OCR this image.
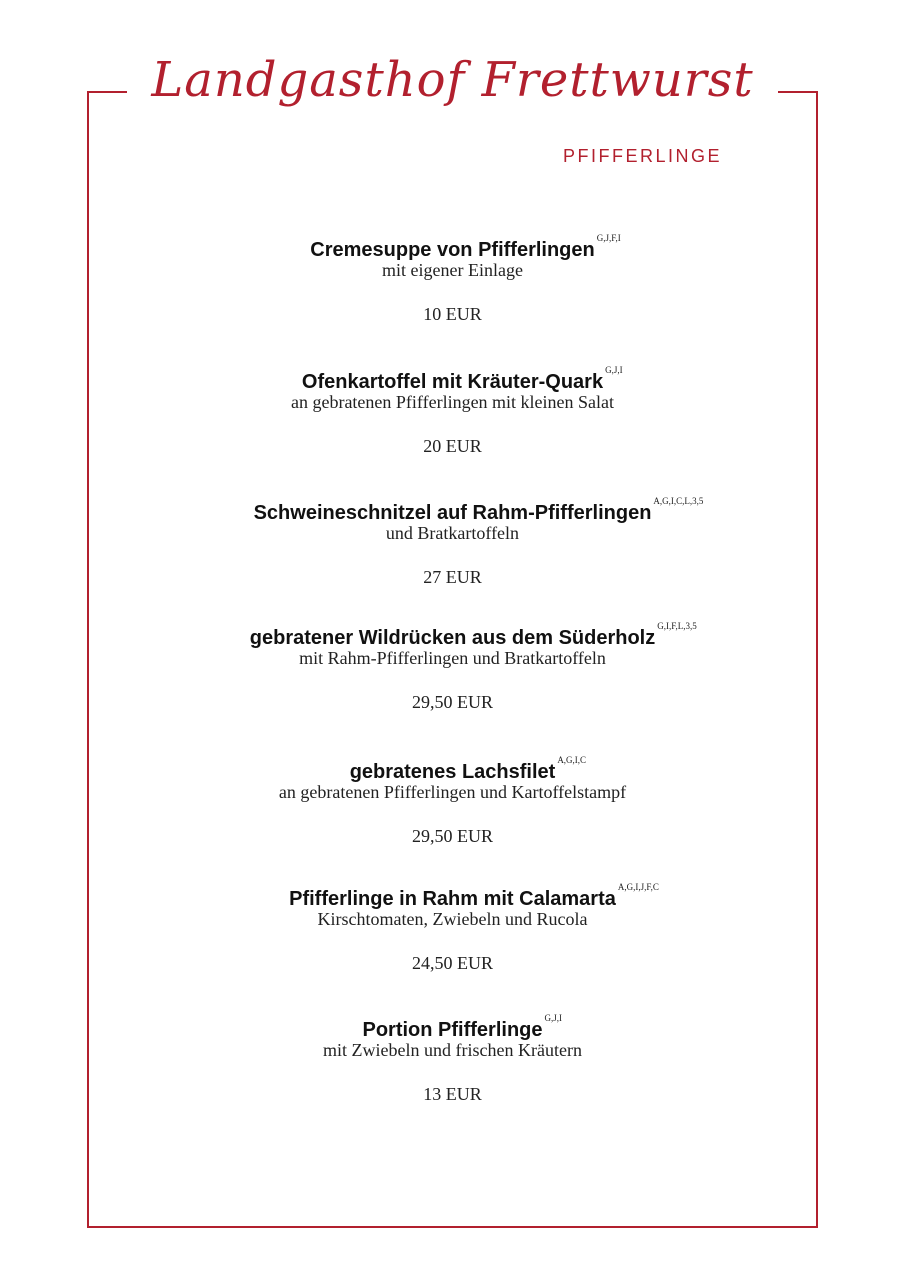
Landgasthof Frettwurst
PFIFFERLINGE
Cremesuppe von Pfifferlingen
G,J,F,I
mit eigener Einlage
10 EUR
Ofenkartoffel mit Kräuter-Quark
G,J,I
an gebratenen Pfifferlingen mit kleinen Salat
20 EUR
Schweineschnitzel auf Rahm-Pfifferlingen
A,G,I,C,L,3,5
und Bratkartoffeln
27 EUR
gebratener Wildrücken aus dem Süderholz
G,I,F,L,3,5
mit Rahm-Pfifferlingen und Bratkartoffeln
29,50 EUR
gebratenes Lachsfilet
A,G,I,C
an gebratenen Pfifferlingen und Kartoffelstampf
29,50 EUR
Pfifferlinge in Rahm mit Calamarta
A,G,I,J,F,C
Kirschtomaten, Zwiebeln und Rucola
24,50 EUR
Portion Pfifferlinge
G,J,I
mit Zwiebeln und frischen Kräutern
13 EUR
